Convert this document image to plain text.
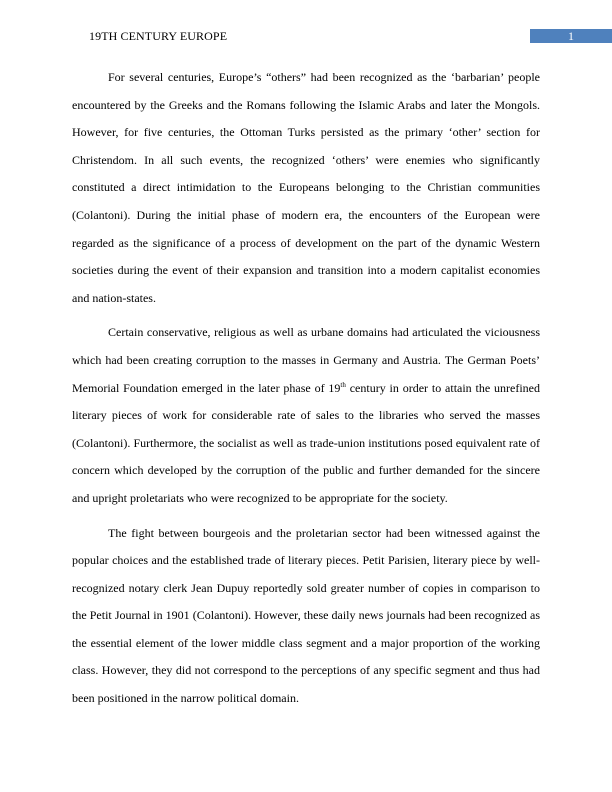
19TH CENTURY EUROPE	1

For several centuries, Europe’s “others” had been recognized as the ‘barbarian’ people encountered by the Greeks and the Romans following the Islamic Arabs and later the Mongols. However, for five centuries, the Ottoman Turks persisted as the primary ‘other’ section for Christendom. In all such events, the recognized ‘others’ were enemies who significantly constituted a direct intimidation to the Europeans belonging to the Christian communities (Colantoni). During the initial phase of modern era, the encounters of the European were regarded as the significance of a process of development on the part of the dynamic Western societies during the event of their expansion and transition into a modern capitalist economies and nation-states.

Certain conservative, religious as well as urbane domains had articulated the viciousness which had been creating corruption to the masses in Germany and Austria. The German Poets’ Memorial Foundation emerged in the later phase of 19th century in order to attain the unrefined literary pieces of work for considerable rate of sales to the libraries who served the masses (Colantoni). Furthermore, the socialist as well as trade-union institutions posed equivalent rate of concern which developed by the corruption of the public and further demanded for the sincere and upright proletariats who were recognized to be appropriate for the society.

The fight between bourgeois and the proletarian sector had been witnessed against the popular choices and the established trade of literary pieces. Petit Parisien, literary piece by well-recognized notary clerk Jean Dupuy reportedly sold greater number of copies in comparison to the Petit Journal in 1901 (Colantoni). However, these daily news journals had been recognized as the essential element of the lower middle class segment and a major proportion of the working class. However, they did not correspond to the perceptions of any specific segment and thus had been positioned in the narrow political domain.
